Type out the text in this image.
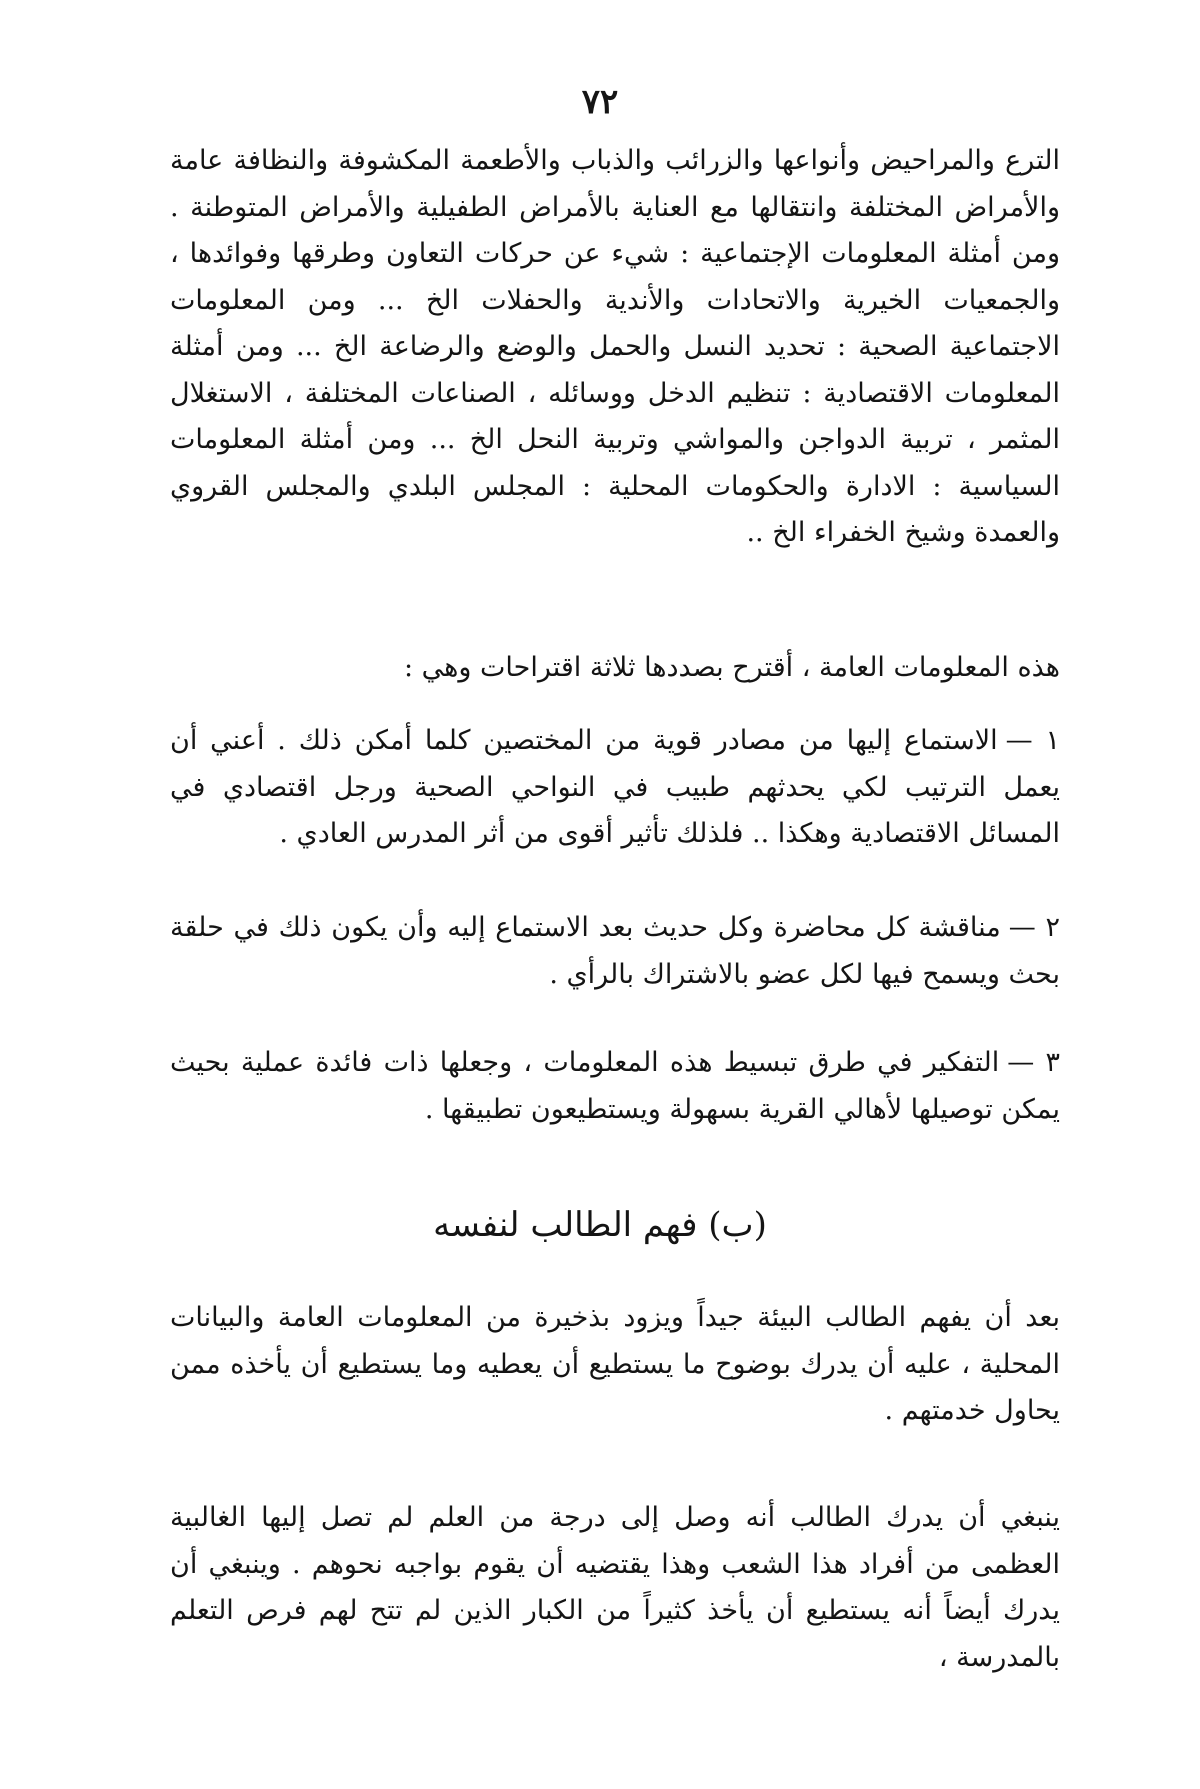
٧٢

الترع والمراحيض وأنواعها والزرائب والذباب والأطعمة المكشوفة والنظافة عامة والأمراض المختلفة وانتقالها مع العناية بالأمراض الطفيلية والأمراض المتوطنة . ومن أمثلة المعلومات الإجتماعية : شيء عن حركات التعاون وطرقها وفوائدها ، والجمعيات الخيرية والاتحادات والأندية والحفلات الخ ... ومن المعلومات الاجتماعية الصحية : تحديد النسل والحمل والوضع والرضاعة الخ ... ومن أمثلة المعلومات الاقتصادية : تنظيم الدخل ووسائله ، الصناعات المختلفة ، الاستغلال المثمر ، تربية الدواجن والمواشي وتربية النحل الخ ... ومن أمثلة المعلومات السياسية : الادارة والحكومات المحلية : المجلس البلدي والمجلس القروي والعمدة وشيخ الخفراء الخ ..

هذه المعلومات العامة ، أقترح بصددها ثلاثة اقتراحات وهي :

١ —الاستماع إليها من مصادر قوية من المختصين كلما أمكن ذلك . أعني أن يعمل الترتيب لكي يحدثهم طبيب في النواحي الصحية ورجل اقتصادي في المسائل الاقتصادية وهكذا .. فلذلك تأثير أقوى من أثر المدرس العادي .

٢ —مناقشة كل محاضرة وكل حديث بعد الاستماع إليه وأن يكون ذلك في حلقة بحث ويسمح فيها لكل عضو بالاشتراك بالرأي .

٣ —التفكير في طرق تبسيط هذه المعلومات ، وجعلها ذات فائدة عملية بحيث يمكن توصيلها لأهالي القرية بسهولة ويستطيعون تطبيقها .

(ب) فهم الطالب لنفسه

بعد أن يفهم الطالب البيئة جيداً ويزود بذخيرة من المعلومات العامة والبيانات المحلية ، عليه أن يدرك بوضوح ما يستطيع أن يعطيه وما يستطيع أن يأخذه ممن يحاول خدمتهم .

ينبغي أن يدرك الطالب أنه وصل إلى درجة من العلم لم تصل إليها الغالبية العظمى من أفراد هذا الشعب وهذا يقتضيه أن يقوم بواجبه نحوهم . وينبغي أن يدرك أيضاً أنه يستطيع أن يأخذ كثيراً من الكبار الذين لم تتح لهم فرص التعلم بالمدرسة ،
